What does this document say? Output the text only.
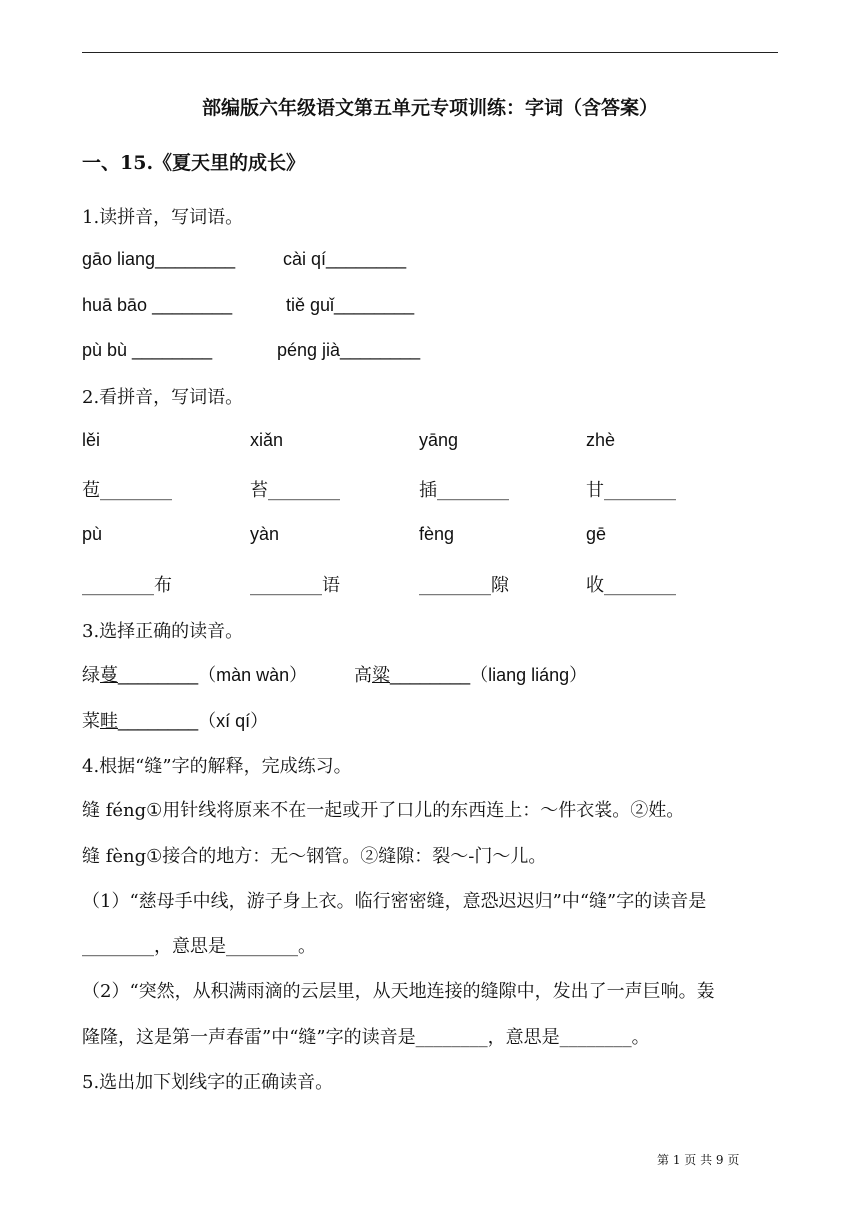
部编版六年级语文第五单元专项训练：字词（含答案）
一、15.《夏天里的成长》
1.读拼音，写词语。
gāo liang________	cài qí________
huā bāo ________	tiě guǐ________
pù bù ________	péng jià________
2.看拼音，写词语。
lěi	xiǎn	yāng	zhè
苞________	苔________	插________	甘________
pù	yàn	fèng	gē
________布	________语	________隙	收________
3.选择正确的读音。
绿蔓________（màn wàn）	高粱________（liang liáng）
菜畦________（xí qí）
4.根据“缝”字的解释，完成练习。
缝 féng①用针线将原来不在一起或开了口儿的东西连上：～件衣裳。②姓。
缝 fèng①接合的地方：无～钢管。②缝隙：裂～-门～儿。
（1）“慈母手中线，游子身上衣。临行密密缝，意恐迟迟归”中“缝”字的读音是
________，意思是________。
（2）“突然，从积满雨滴的云层里，从天地连接的缝隙中，发出了一声巨响。轰
隆隆，这是第一声春雷”中“缝”字的读音是________，意思是________。
5.选出加下划线字的正确读音。
第 1 页 共 9 页
